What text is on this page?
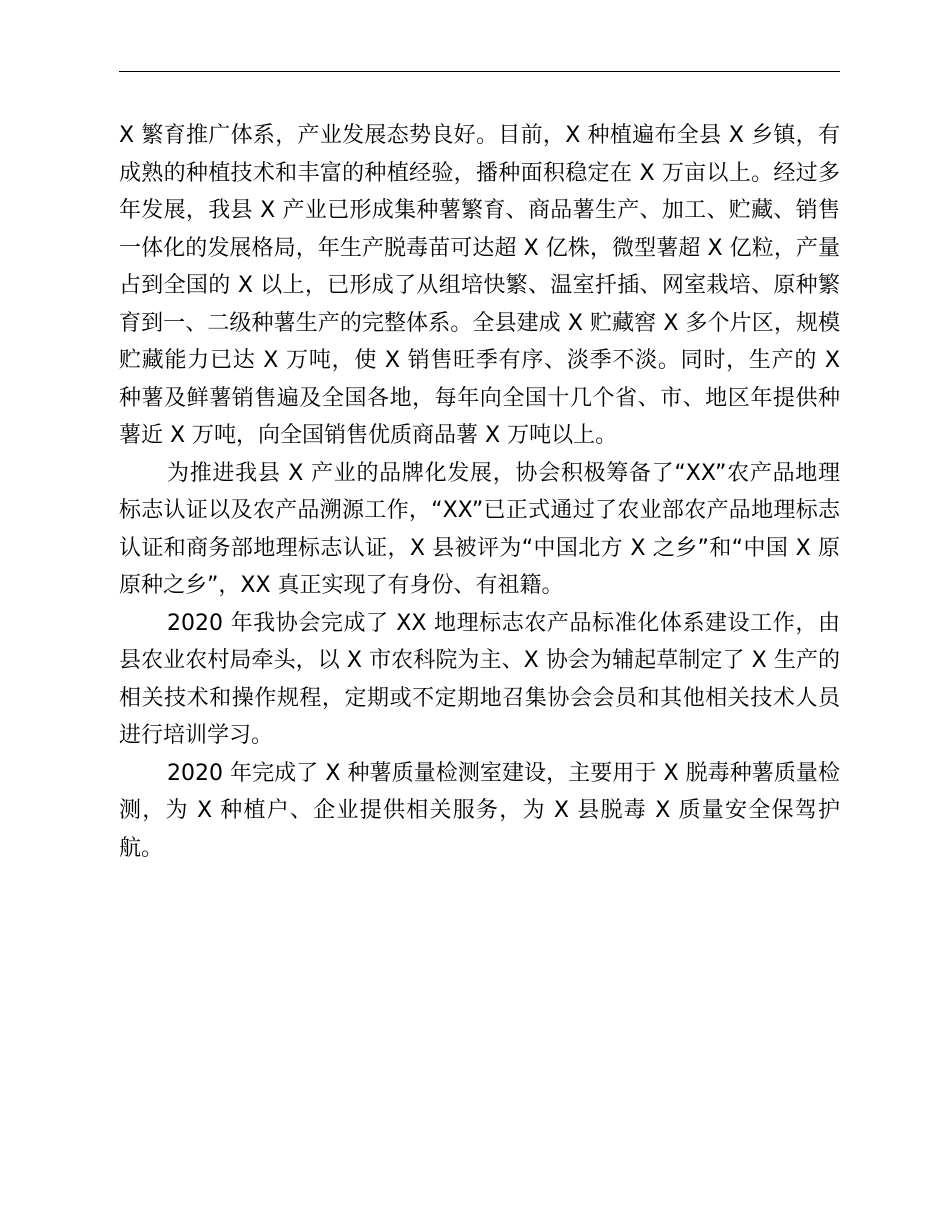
X 繁育推广体系，产业发展态势良好。目前，X 种植遍布全县 X 乡镇，有成熟的种植技术和丰富的种植经验，播种面积稳定在 X 万亩以上。经过多年发展，我县 X 产业已形成集种薯繁育、商品薯生产、加工、贮藏、销售一体化的发展格局，年生产脱毒苗可达超 X 亿株，微型薯超 X 亿粒，产量占到全国的 X 以上，已形成了从组培快繁、温室扦插、网室栽培、原种繁育到一、二级种薯生产的完整体系。全县建成 X 贮藏窖 X 多个片区，规模贮藏能力已达 X 万吨，使 X 销售旺季有序、淡季不淡。同时，生产的 X 种薯及鲜薯销售遍及全国各地，每年向全国十几个省、市、地区年提供种薯近 X 万吨，向全国销售优质商品薯 X 万吨以上。

为推进我县 X 产业的品牌化发展，协会积极筹备了“XX”农产品地理标志认证以及农产品溯源工作，“XX”已正式通过了农业部农产品地理标志认证和商务部地理标志认证，X 县被评为“中国北方 X 之乡”和“中国 X 原原种之乡”，XX 真正实现了有身份、有祖籍。

2020 年我协会完成了 XX 地理标志农产品标准化体系建设工作，由县农业农村局牵头，以 X 市农科院为主、X 协会为辅起草制定了 X 生产的相关技术和操作规程，定期或不定期地召集协会会员和其他相关技术人员进行培训学习。

2020 年完成了 X 种薯质量检测室建设，主要用于 X 脱毒种薯质量检测，为 X 种植户、企业提供相关服务，为 X 县脱毒 X 质量安全保驾护航。
